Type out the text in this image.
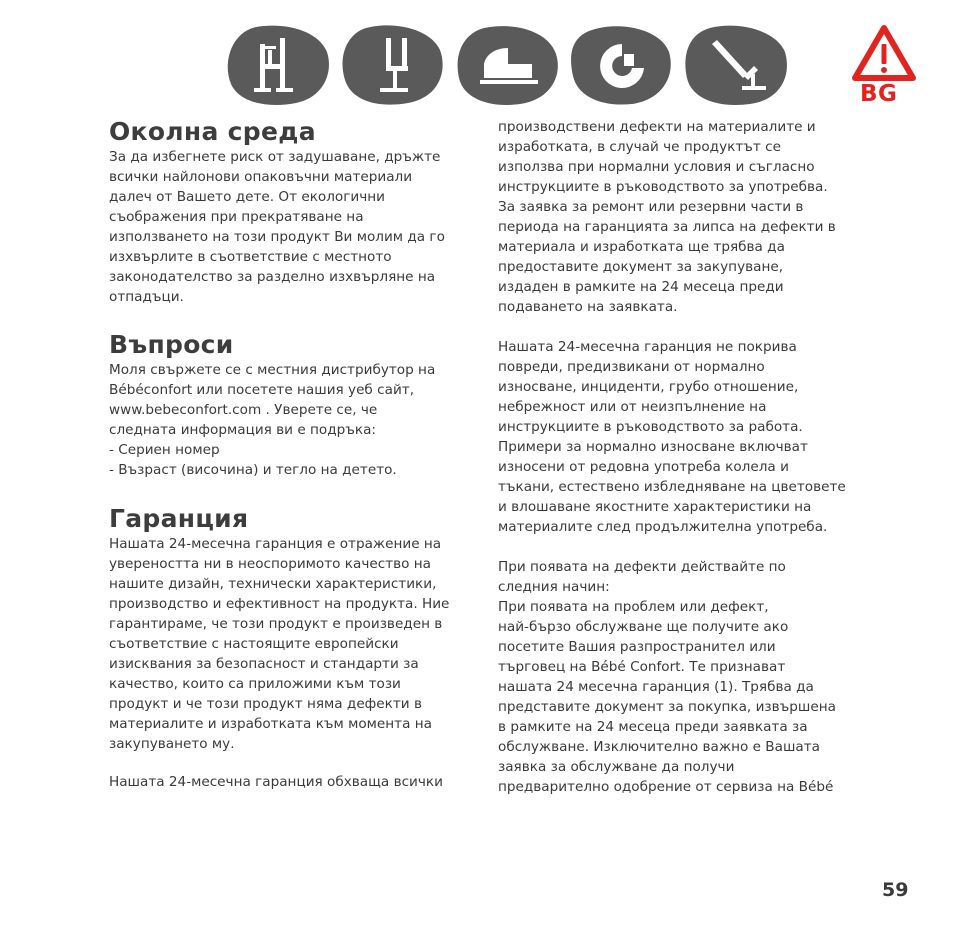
BG
Околна среда

За да избегнете риск от задушаване, дръжте
всички найлонови опаковъчни материали
далеч от Вашето дете. От екологични
съображения при прекратяване на
използването на този продукт Ви молим да го
изхвърлите в съответствие с местното
законодателство за разделно изхвърляне на
отпадъци.

Въпроси

Моля свържете се с местния дистрибутор на
Bébéconfort или посетете нашия уеб сайт,
www.bebeconfort.com . Уверете се, че
следната информация ви е подръка:
- Сериен номер
- Възраст (височина) и тегло на детето.

Гаранция

Нашата 24-месечна гаранция е отражение на
увереността ни в неоспоримото качество на
нашите дизайн, технически характеристики,
производство и ефективност на продукта. Ние
гарантираме, че този продукт е произведен в
съответствие с настоящите европейски
изисквания за безопасност и стандарти за
качество, които са приложими към този
продукт и че този продукт няма дефекти в
материалите и изработката към момента на
закупуването му.

Нашата 24-месечна гаранция обхваща всички

производствени дефекти на материалите и
изработката, в случай че продуктът се
използва при нормални условия и съгласно
инструкциите в ръководството за употребва.
За заявка за ремонт или резервни части в
периода на гаранцията за липса на дефекти в
материала и изработката ще трябва да
предоставите документ за закупуване,
издаден в рамките на 24 месеца преди
подаването на заявката.

Нашата 24-месечна гаранция не покрива
повреди, предизвикани от нормално
износване, инциденти, грубо отношение,
небрежност или от неизпълнение на
инструкциите в ръководството за работа.
Примери за нормално износване включват
износени от редовна употреба колела и
тъкани, естествено избледняване на цветовете
и влошаване якостните характеристики на
материалите след продължителна употреба.

При появата на дефекти действайте по
следния начин:
При появата на проблем или дефект,
най-бързо обслужване ще получите ако
посетите Вашия разпространител или
търговец на Bébé Confort. Те признават
нашата 24 месечна гаранция (1). Трябва да
представите документ за покупка, извършена
в рамките на 24 месеца преди заявката за
обслужване. Изключително важно е Вашата
заявка за обслужване да получи
предварително одобрение от сервиза на Bébé

59
